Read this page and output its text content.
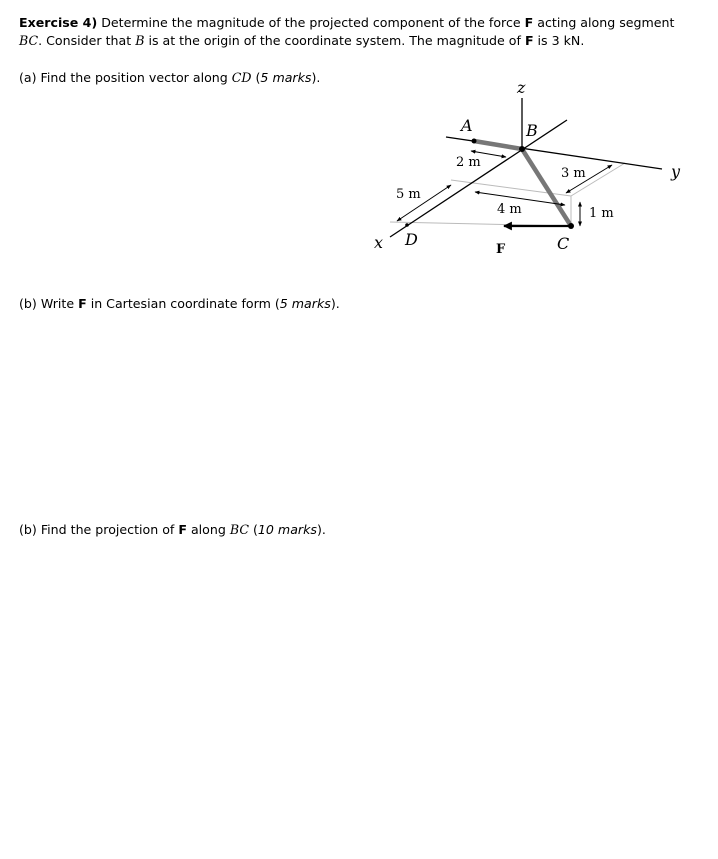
Exercise 4) Determine the magnitude of the projected component of the force F acting along segment
BC. Consider that B is at the origin of the coordinate system. The magnitude of F is 3 kN.
(a) Find the position vector along CD (5 marks).
(b) Write F in Cartesian coordinate form (5 marks).
(b) Find the projection of F along BC (10 marks).
z
y
x
A	B
C
D
F
2 m
3 m
5 m
4 m	1 m
